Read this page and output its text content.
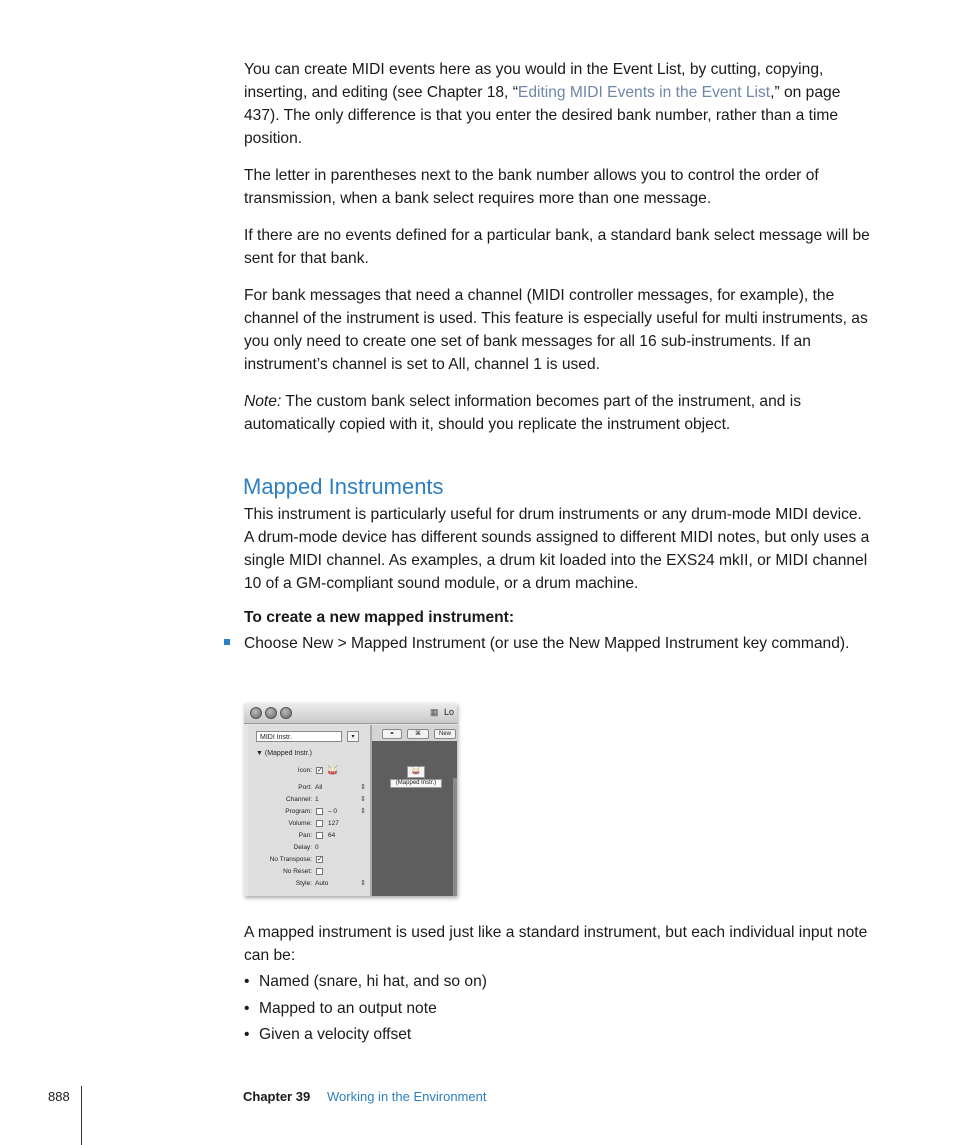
You can create MIDI events here as you would in the Event List, by cutting, copying, inserting, and editing (see Chapter 18, “Editing MIDI Events in the Event List,” on page 437). The only difference is that you enter the desired bank number, rather than a time position.

The letter in parentheses next to the bank number allows you to control the order of transmission, when a bank select requires more than one message.

If there are no events defined for a particular bank, a standard bank select message will be sent for that bank.

For bank messages that need a channel (MIDI controller messages, for example), the channel of the instrument is used. This feature is especially useful for multi instruments, as you only need to create one set of bank messages for all 16 sub-instruments. If an instrument’s channel is set to All, channel 1 is used.

Note: The custom bank select information becomes part of the instrument, and is automatically copied with it, should you replicate the instrument object.

Mapped Instruments

This instrument is particularly useful for drum instruments or any drum-mode MIDI device. A drum-mode device has different sounds assigned to different MIDI notes, but only uses a single MIDI channel. As examples, a drum kit loaded into the EXS24 mkII, or MIDI channel 10 of a GM-compliant sound module, or a drum machine.

To create a new mapped instrument:

Choose New > Mapped Instrument (or use the New Mapped Instrument key command).

▦ Lo
MIDI Instr.	▾
▼ (Mapped Instr.)
Icon: ✓ 🥁
Port: All	⇕
Channel: 1	⇕
Program: – 0	⇕
Volume: 127
Pan: 64
Delay: 0
No Transpose: ✓
No Reset:
Style: Auto	⇕
⚭	⌘	New
🥁
(Mapped Instr.)

A mapped instrument is used just like a standard instrument, but each individual input note can be:

• Named (snare, hi hat, and so on)
• Mapped to an output note
• Given a velocity offset
888	Chapter 39 Working in the Environment
